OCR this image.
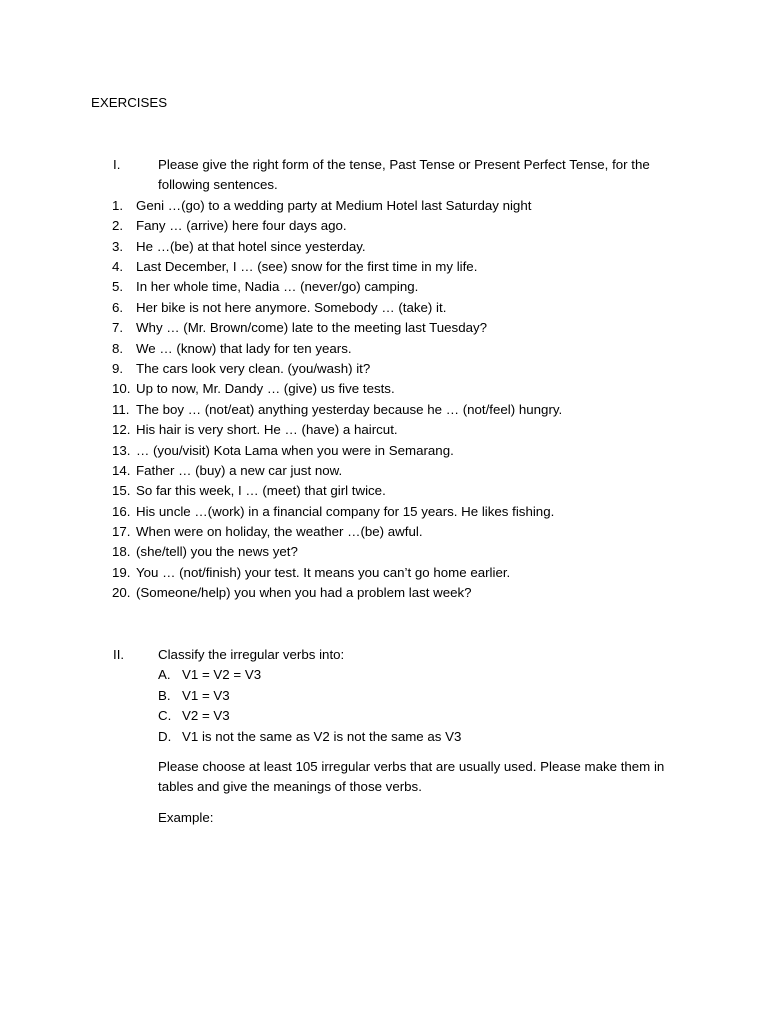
EXERCISES
I.	Please give the right form of the tense, Past Tense or Present Perfect Tense, for the following sentences.
1. Geni …(go) to a wedding party at Medium Hotel last Saturday night
2. Fany … (arrive) here four days ago.
3. He …(be) at that hotel since yesterday.
4. Last December, I … (see) snow for the first time in my life.
5. In her whole time, Nadia … (never/go) camping.
6. Her bike is not here anymore. Somebody … (take) it.
7. Why … (Mr. Brown/come) late to the meeting last Tuesday?
8. We … (know) that lady for ten years.
9. The cars look very clean. (you/wash) it?
10. Up to now, Mr. Dandy … (give) us five tests.
11. The boy … (not/eat) anything yesterday because he … (not/feel) hungry.
12. His hair is very short. He … (have) a haircut.
13. … (you/visit) Kota Lama when you were in Semarang.
14. Father … (buy) a new car just now.
15. So far this week, I … (meet) that girl twice.
16. His uncle …(work) in a financial company for 15 years. He likes fishing.
17. When were on holiday, the weather …(be) awful.
18. (she/tell) you the news yet?
19. You … (not/finish) your test. It means you can’t go home earlier.
20. (Someone/help) you when you had a problem last week?
II.	Classify the irregular verbs into:
A. V1 = V2 = V3
B. V1 = V3
C. V2 = V3
D. V1 is not the same as V2 is not the same as V3

Please choose at least 105 irregular verbs that are usually used. Please make them in tables and give the meanings of those verbs.

Example:
